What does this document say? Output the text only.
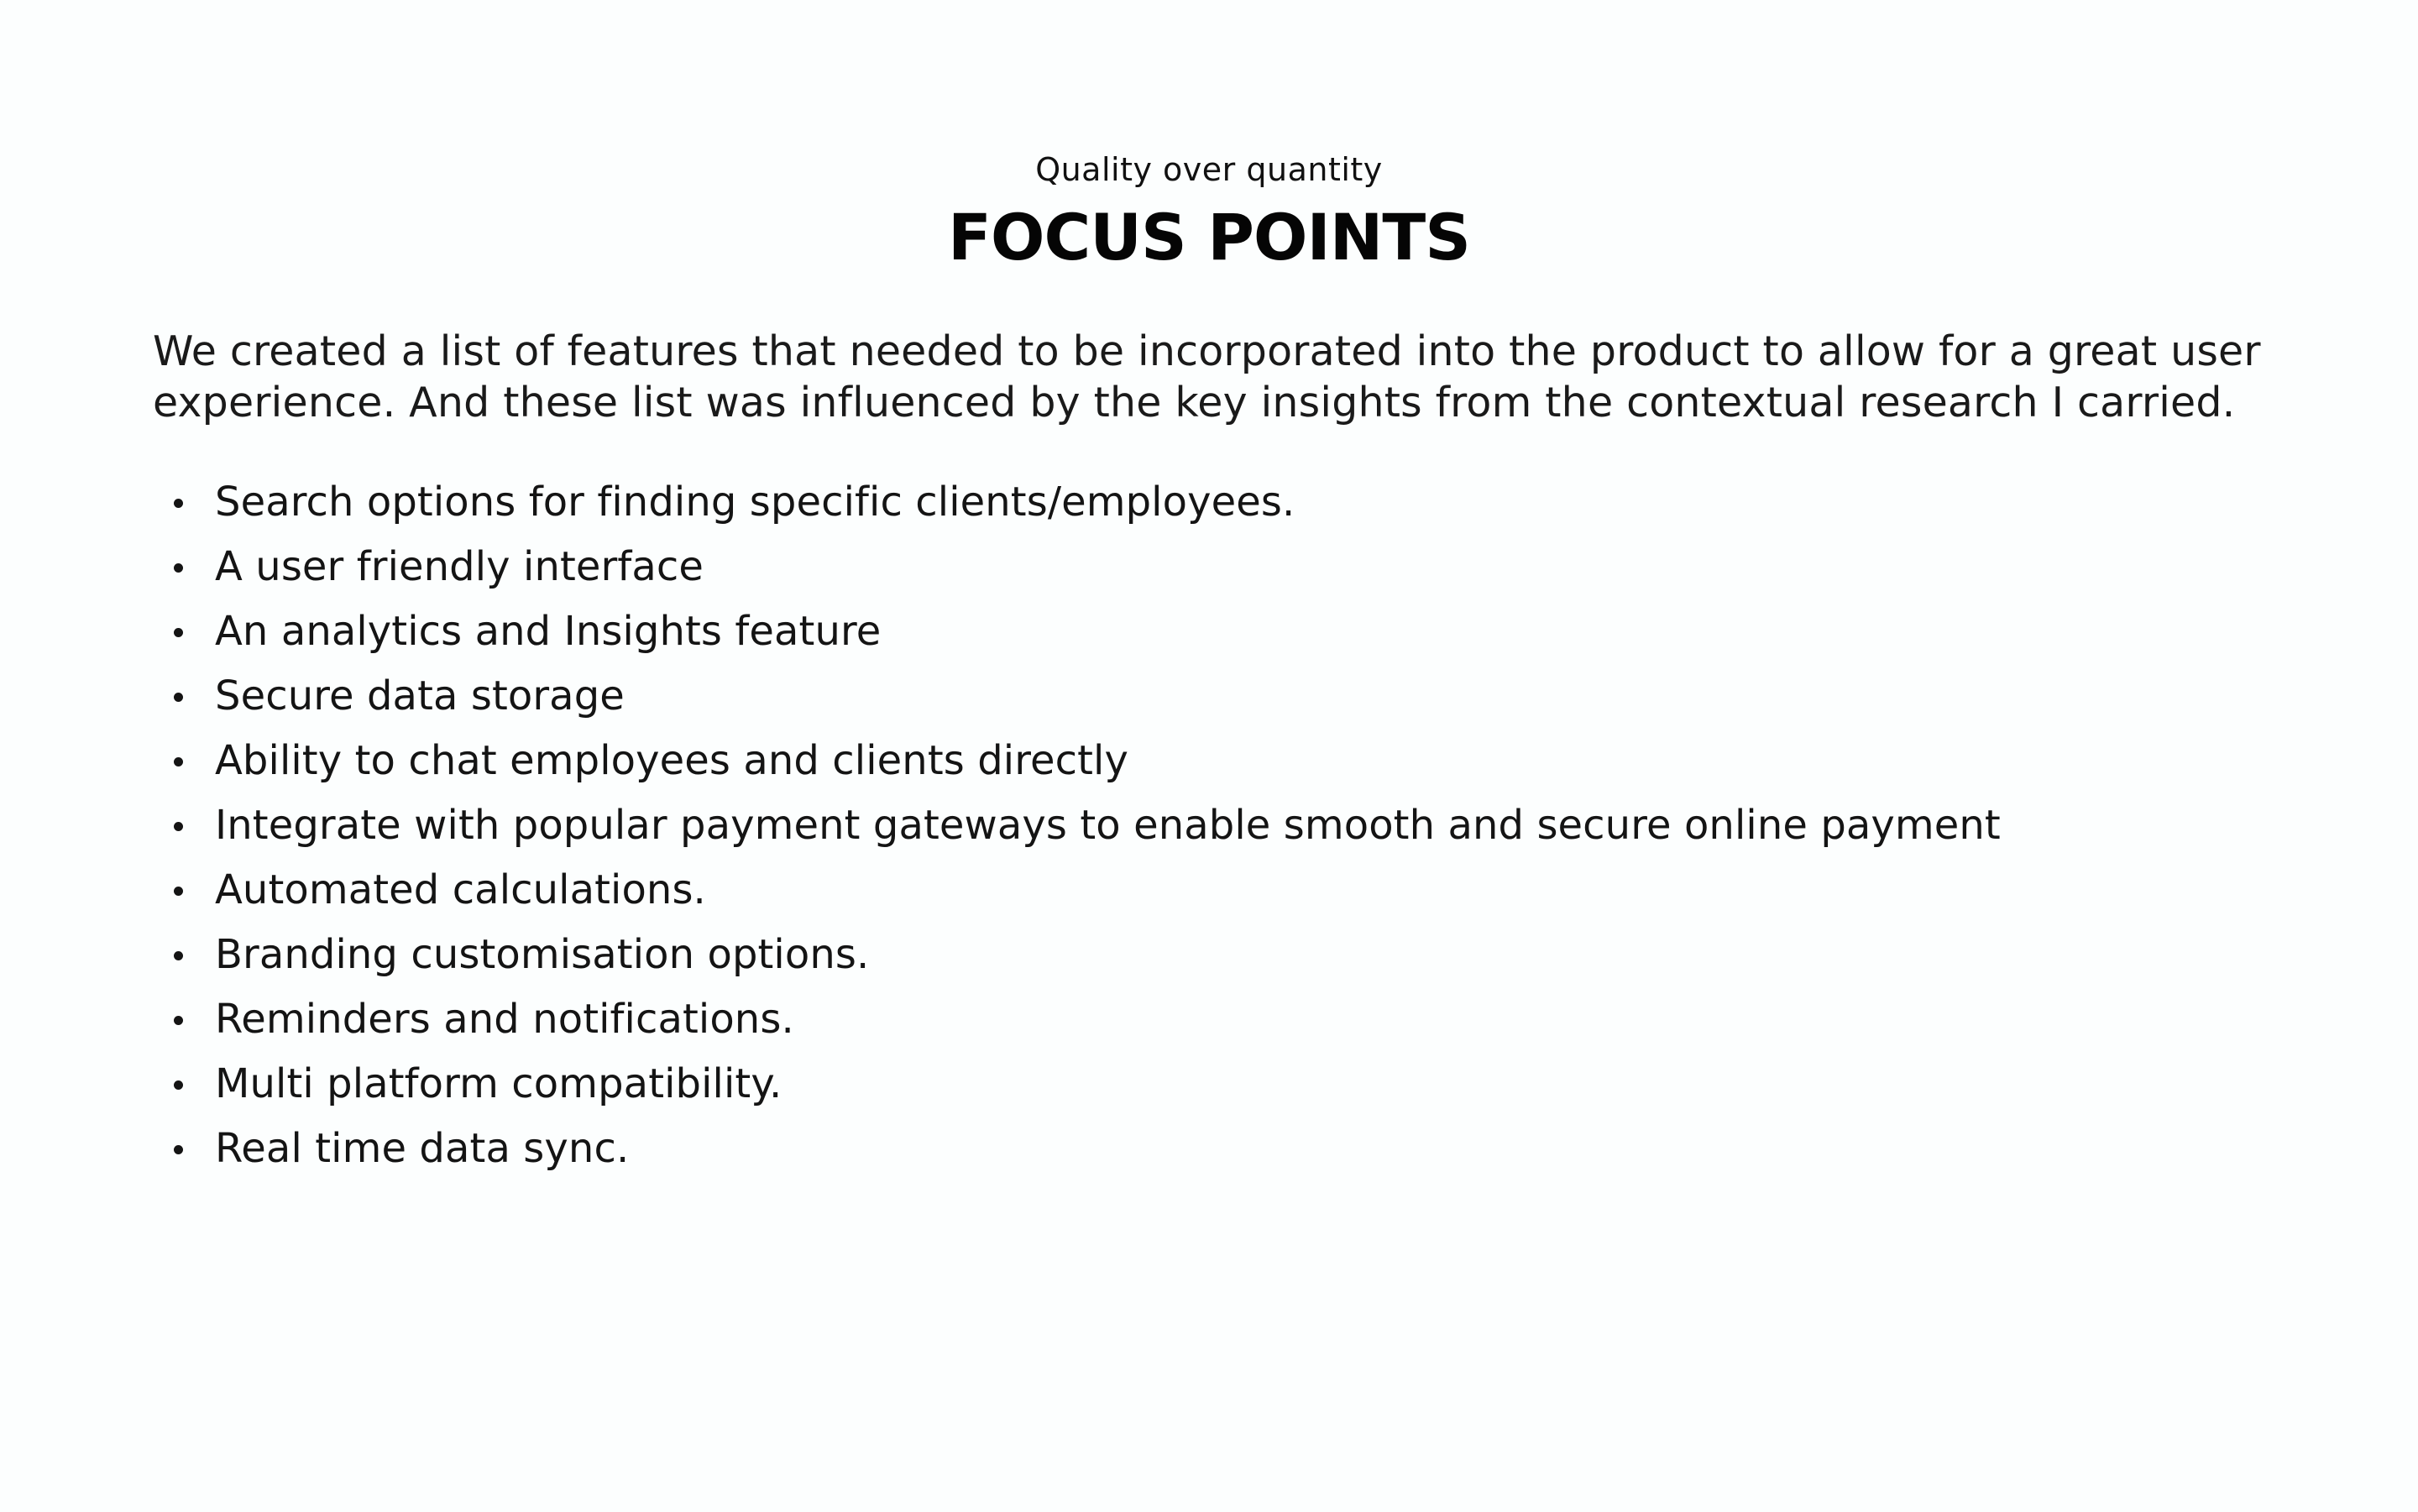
Quality over quantity
FOCUS POINTS

We created a list of features that needed to be incorporated into the product to allow for a great user experience. And these list was influenced by the key insights from the contextual research I carried.

Search options for finding specific clients/employees.
A user friendly interface
An analytics and Insights feature
Secure data storage
Ability to chat employees and clients directly
Integrate with popular payment gateways to enable smooth and secure online payment
Automated calculations.
Branding customisation options.
Reminders and notifications.
Multi platform compatibility.
Real time data sync.
